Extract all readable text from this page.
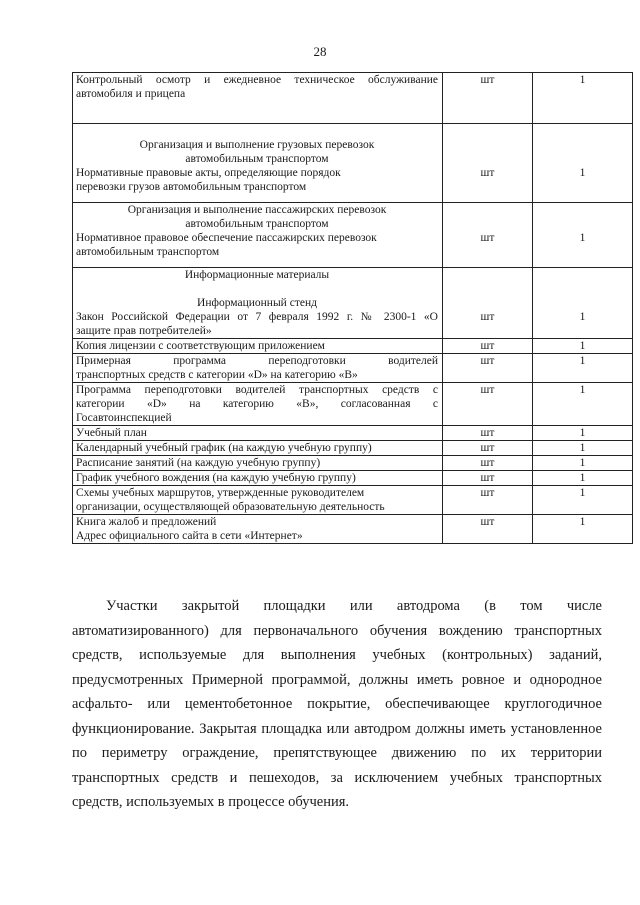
28
Контрольный осмотр и ежедневное техническое обслуживание
автомобиля и прицепа	шт	1

Организация и выполнение грузовых перевозок
автомобильным транспортом
Нормативные правовые акты, определяющие порядок
перевозки грузов автомобильным транспортом	шт	1

Организация и выполнение пассажирских перевозок
автомобильным транспортом
Нормативное правовое обеспечение пассажирских перевозок
автомобильным транспортом	шт	1

Информационные материалы
Информационный стенд
Закон Российской Федерации от 7 февраля 1992 г. № 2300-1 «О
защите прав потребителей»	шт	1

Копия лицензии с соответствующим приложением	шт	1

Примерная программа переподготовки водителей
транспортных средств с категории «D» на категорию «В»	шт	1

Программа переподготовки водителей транспортных средств с
категории «D» на категорию «В», согласованная с
Госавтоинспекцией	шт	1

Учебный план	шт	1

Календарный учебный график (на каждую учебную группу)	шт	1

Расписание занятий (на каждую учебную группу)	шт	1

График учебного вождения (на каждую учебную группу)	шт	1

Схемы учебных маршрутов, утвержденные руководителем
организации, осуществляющей образовательную деятельность	шт	1

Книга жалоб и предложений
Адрес официального сайта в сети «Интернет»	шт	1
Участки закрытой площадки или автодрома (в том числе
автоматизированного) для первоначального обучения вождению транспортных
средств, используемые для выполнения учебных (контрольных) заданий,
предусмотренных Примерной программой, должны иметь ровное и однородное
асфальто- или цементобетонное покрытие, обеспечивающее круглогодичное
функционирование. Закрытая площадка или автодром должны иметь установленное
по периметру ограждение, препятствующее движению по их территории
транспортных средств и пешеходов, за исключением учебных транспортных
средств, используемых в процессе обучения.
